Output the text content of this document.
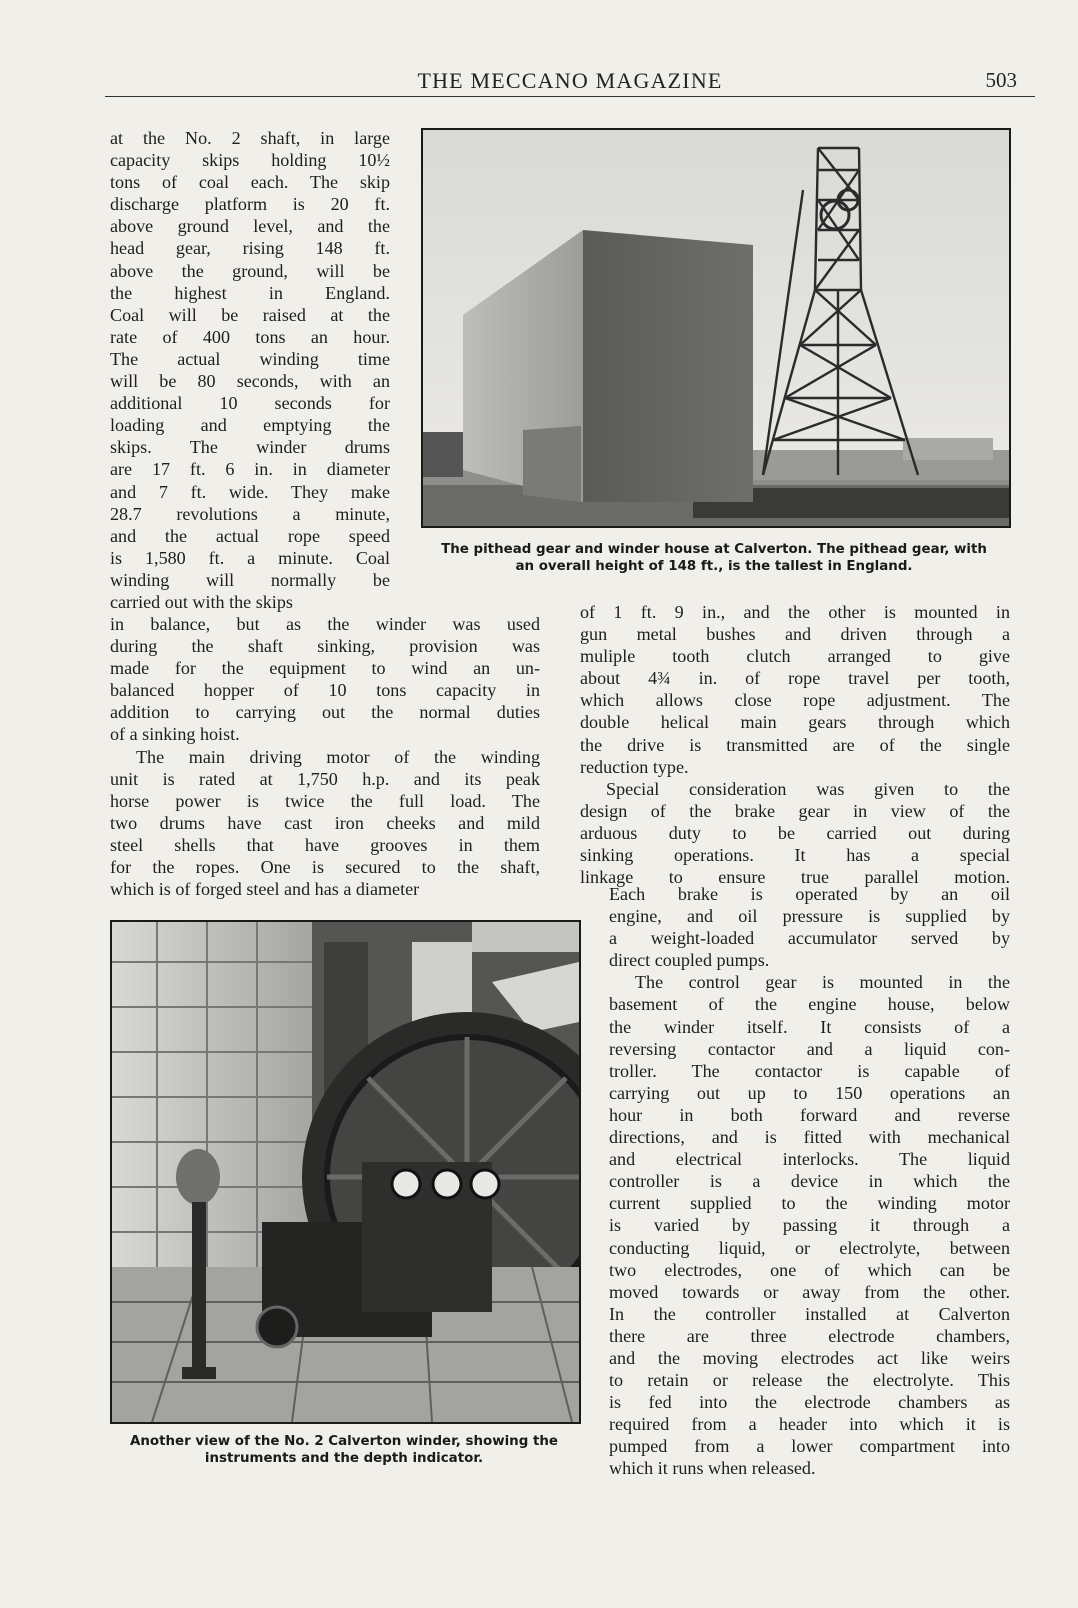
THE MECCANO MAGAZINE	503
at the No. 2 shaft, in large
capacity skips holding 10½
tons of coal each. The skip
discharge platform is 20 ft.
above ground level, and the
head gear, rising 148 ft.
above the ground, will be
the highest in England.
Coal will be raised at the
rate of 400 tons an hour.
The actual winding time
will be 80 seconds, with an
additional 10 seconds for
loading and emptying the
skips. The winder drums
are 17 ft. 6 in. in diameter
and 7 ft. wide. They make
28.7 revolutions a minute,
and the actual rope speed
is 1,580 ft. a minute. Coal
winding will normally be
carried out with the skips
in balance, but as the winder was used
during the shaft sinking, provision was
made for the equipment to wind an un-
balanced hopper of 10 tons capacity in
addition to carrying out the normal duties
of a sinking hoist.
The main driving motor of the winding
unit is rated at 1,750 h.p. and its peak
horse power is twice the full load. The
two drums have cast iron cheeks and mild
steel shells that have grooves in them
for the ropes. One is secured to the shaft,
which is of forged steel and has a diameter
of 1 ft. 9 in., and the other is mounted in
gun metal bushes and driven through a
muliple tooth clutch arranged to give
about 4¾ in. of rope travel per tooth,
which allows close rope adjustment. The
double helical main gears through which
the drive is transmitted are of the single
reduction type.
Special consideration was given to the
design of the brake gear in view of the
arduous duty to be carried out during
sinking operations. It has a special
linkage to ensure true parallel motion.
Each brake is operated by an oil
engine, and oil pressure is supplied by
a weight-loaded accumulator served by
direct coupled pumps.
The control gear is mounted in the
basement of the engine house, below
the winder itself. It consists of a
reversing contactor and a liquid con-
troller. The contactor is capable of
carrying out up to 150 operations an
hour in both forward and reverse
directions, and is fitted with mechanical
and electrical interlocks. The liquid
controller is a device in which the
current supplied to the winding motor
is varied by passing it through a
conducting liquid, or electrolyte, between
two electrodes, one of which can be
moved towards or away from the other.
In the controller installed at Calverton
there are three electrode chambers,
and the moving electrodes act like weirs
to retain or release the electrolyte. This
is fed into the electrode chambers as
required from a header into which it is
pumped from a lower compartment into
which it runs when released.
The pithead gear and winder house at Calverton. The pithead gear, with
an overall height of 148 ft., is the tallest in England.
Another view of the No. 2 Calverton winder, showing the
instruments and the depth indicator.
